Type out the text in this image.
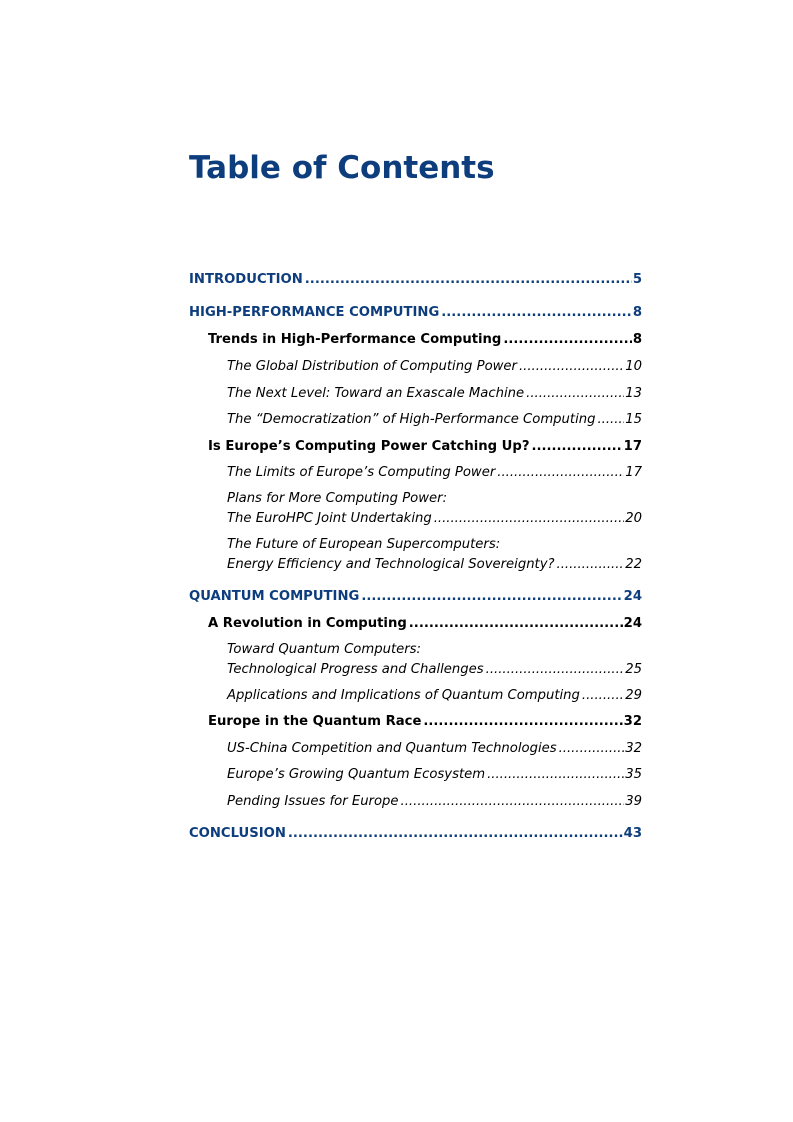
Table of Contents
INTRODUCTION .....	5
HIGH-PERFORMANCE COMPUTING .....	8
Trends in High-Performance Computing .....	8
The Global Distribution of Computing Power .....	10
The Next Level: Toward an Exascale Machine .....	13
The “Democratization” of High-Performance Computing ..... 15
Is Europe’s Computing Power Catching Up? .....	17
The Limits of Europe’s Computing Power .....	17
Plans for More Computing Power:
The EuroHPC Joint Undertaking .....	20
The Future of European Supercomputers:
Energy Efficiency and Technological Sovereignty? .....	22
QUANTUM COMPUTING .....	24
A Revolution in Computing .....	24
Toward Quantum Computers:
Technological Progress and Challenges .....	25
Applications and Implications of Quantum Computing .....	29
Europe in the Quantum Race .....	32
US-China Competition and Quantum Technologies .....	32
Europe’s Growing Quantum Ecosystem .....	35
Pending Issues for Europe .....	39
CONCLUSION .....	43
